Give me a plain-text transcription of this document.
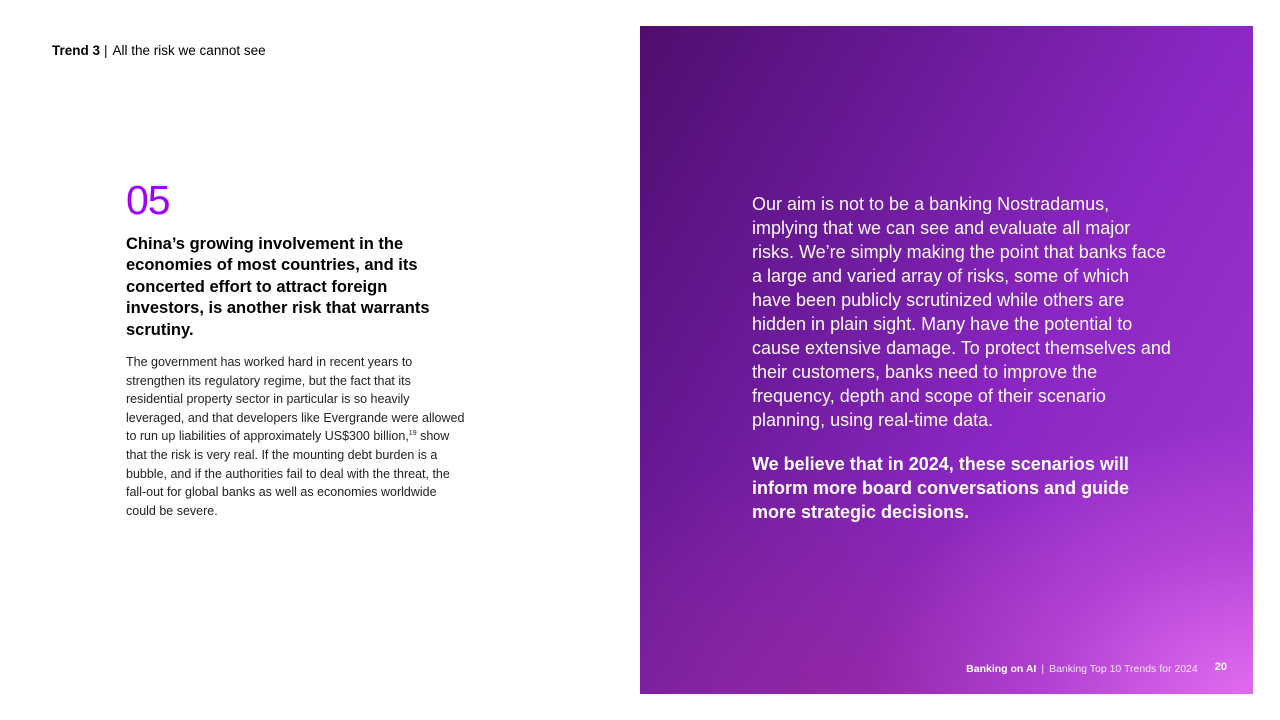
Trend 3 | All the risk we cannot see
05

China’s growing involvement in the economies of most countries, and its concerted effort to attract foreign investors, is another risk that warrants scrutiny.

The government has worked hard in recent years to strengthen its regulatory regime, but the fact that its residential property sector in particular is so heavily leveraged, and that developers like Evergrande were allowed to run up liabilities of approximately US$300 billion,$^{19}$ show that the risk is very real. If the mounting debt burden is a bubble, and if the authorities fail to deal with the threat, the fall-out for global banks as well as economies worldwide could be severe.

Our aim is not to be a banking Nostradamus, implying that we can see and evaluate all major risks. We’re simply making the point that banks face a large and varied array of risks, some of which have been publicly scrutinized while others are hidden in plain sight. Many have the potential to cause extensive damage. To protect themselves and their customers, banks need to improve the frequency, depth and scope of their scenario planning, using real-time data.

We believe that in 2024, these scenarios will inform more board conversations and guide more strategic decisions.

Banking on AI | Banking Top 10 Trends for 2024 20
